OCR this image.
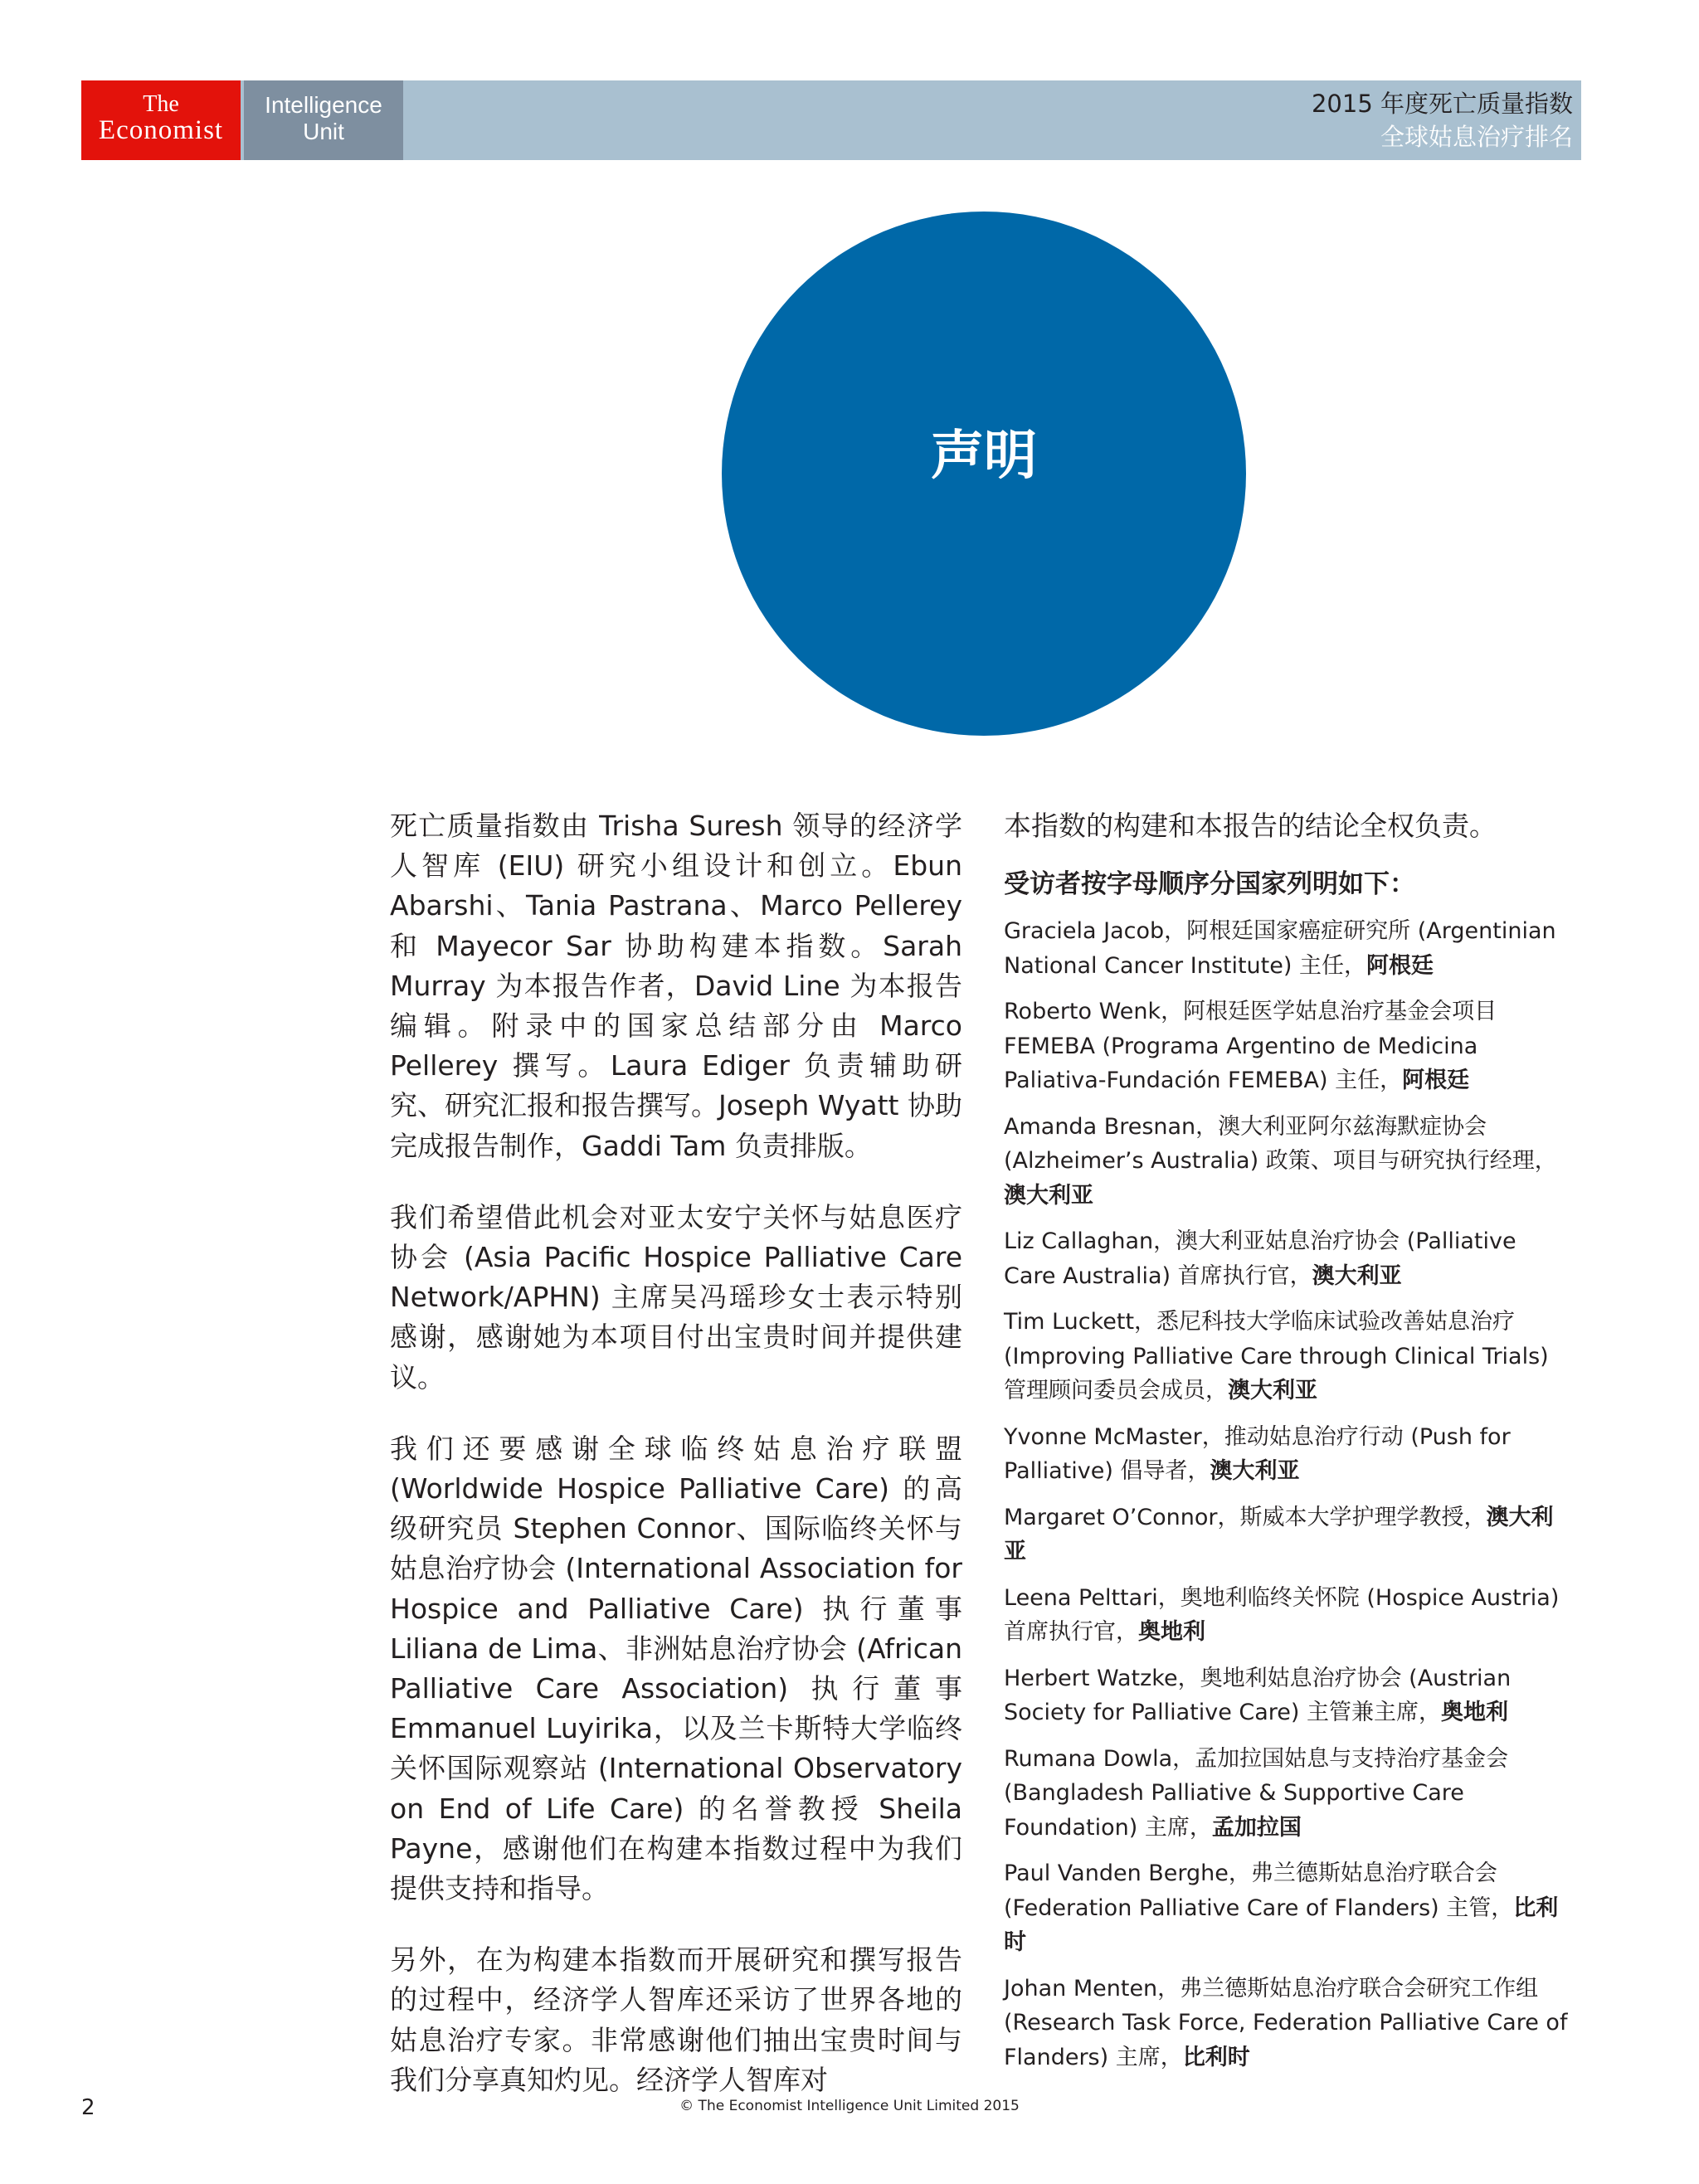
The
Economist
Intelligence
Unit
2015 年度死亡质量指数
全球姑息治疗排名
声明

死亡质量指数由 Trisha Suresh 领导的经济学人智库 (EIU) 研究小组设计和创立。Ebun Abarshi、Tania Pastrana、Marco Pellerey 和 Mayecor Sar 协助构建本指数。Sarah Murray 为本报告作者，David Line 为本报告编辑。附录中的国家总结部分由 Marco Pellerey 撰写。Laura Ediger 负责辅助研究、研究汇报和报告撰写。Joseph Wyatt 协助完成报告制作，Gaddi Tam 负责排版。

我们希望借此机会对亚太安宁关怀与姑息医疗协会 (Asia Pacific Hospice Palliative Care Network/APHN) 主席吴冯瑶珍女士表示特别感谢，感谢她为本项目付出宝贵时间并提供建议。

我们还要感谢全球临终姑息治疗联盟 (Worldwide Hospice Palliative Care) 的高级研究员 Stephen Connor、国际临终关怀与姑息治疗协会 (International Association for Hospice and Palliative Care) 执行董事 Liliana de Lima、非洲姑息治疗协会 (African Palliative Care Association) 执行董事 Emmanuel Luyirika，以及兰卡斯特大学临终关怀国际观察站 (International Observatory on End of Life Care) 的名誉教授 Sheila Payne，感谢他们在构建本指数过程中为我们提供支持和指导。

另外，在为构建本指数而开展研究和撰写报告的过程中，经济学人智库还采访了世界各地的姑息治疗专家。非常感谢他们抽出宝贵时间与我们分享真知灼见。经济学人智库对

本指数的构建和本报告的结论全权负责。

受访者按字母顺序分国家列明如下：

Graciela Jacob，阿根廷国家癌症研究所 (Argentinian National Cancer Institute) 主任，阿根廷

Roberto Wenk，阿根廷医学姑息治疗基金会项目 FEMEBA (Programa Argentino de Medicina Paliativa-Fundación FEMEBA) 主任，阿根廷

Amanda Bresnan，澳大利亚阿尔兹海默症协会 (Alzheimer’s Australia) 政策、项目与研究执行经理，澳大利亚

Liz Callaghan，澳大利亚姑息治疗协会 (Palliative Care Australia) 首席执行官，澳大利亚

Tim Luckett，悉尼科技大学临床试验改善姑息治疗 (Improving Palliative Care through Clinical Trials) 管理顾问委员会成员，澳大利亚

Yvonne McMaster，推动姑息治疗行动 (Push for Palliative) 倡导者，澳大利亚

Margaret O’Connor，斯威本大学护理学教授，澳大利亚

Leena Pelttari，奥地利临终关怀院 (Hospice Austria) 首席执行官，奥地利

Herbert Watzke，奥地利姑息治疗协会 (Austrian Society for Palliative Care) 主管兼主席，奥地利

Rumana Dowla，孟加拉国姑息与支持治疗基金会 (Bangladesh Palliative & Supportive Care Foundation) 主席，孟加拉国

Paul Vanden Berghe，弗兰德斯姑息治疗联合会 (Federation Palliative Care of Flanders) 主管，比利时

Johan Menten，弗兰德斯姑息治疗联合会研究工作组 (Research Task Force, Federation Palliative Care of Flanders) 主席，比利时

2	© The Economist Intelligence Unit Limited 2015
